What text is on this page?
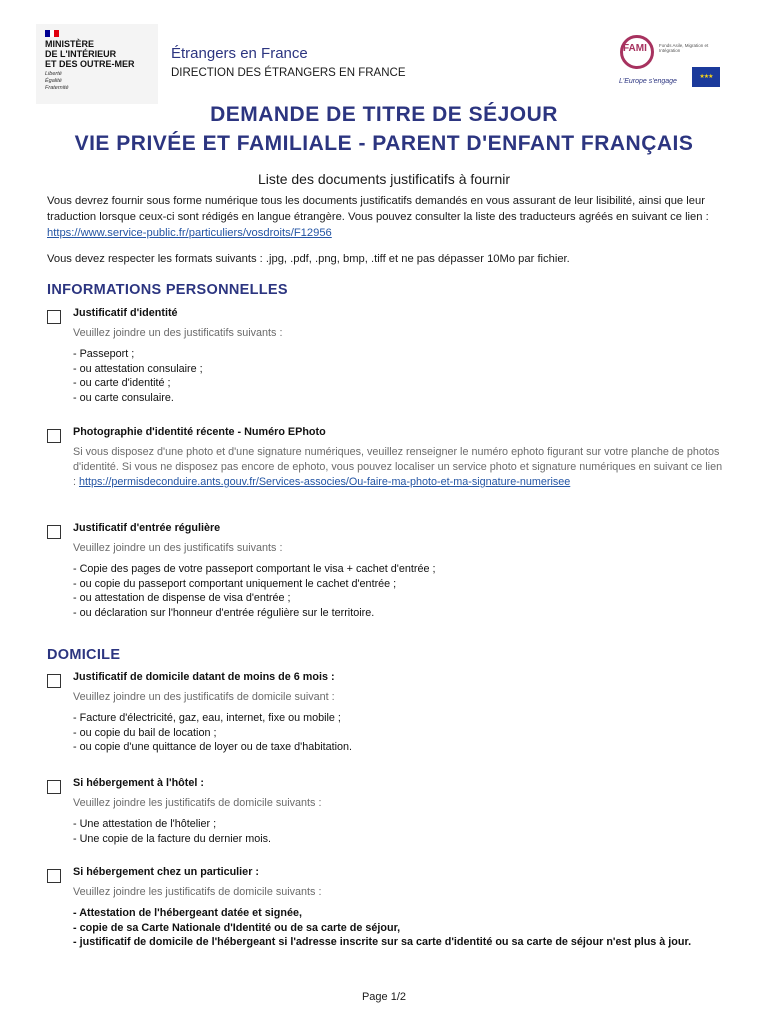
MINISTÈRE
DE L'INTÉRIEUR
ET DES OUTRE-MER
Liberté
Égalité
Fraternité
Étrangers en France
DIRECTION DES ÉTRANGERS EN FRANCE
FAMI	Fonds Asile, Migration et Intégration
L'Europe s'engage
★★★
DEMANDE DE TITRE DE SÉJOUR
VIE PRIVÉE ET FAMILIALE - PARENT D'ENFANT FRANÇAIS
Liste des documents justificatifs à fournir
Vous devrez fournir sous forme numérique tous les documents justificatifs demandés en vous assurant de leur lisibilité, ainsi que leur traduction lorsque ceux-ci sont rédigés en langue étrangère. Vous pouvez consulter la liste des traducteurs agréés en suivant ce lien : https://www.service-public.fr/particuliers/vosdroits/F12956
Vous devez respecter les formats suivants : .jpg, .pdf, .png, bmp, .tiff et ne pas dépasser 10Mo par fichier.
INFORMATIONS PERSONNELLES
Justificatif d'identité
Veuillez joindre un des justificatifs suivants :
- Passeport ;
- ou attestation consulaire ;
- ou carte d'identité ;
- ou carte consulaire.
Photographie d'identité récente - Numéro EPhoto
Si vous disposez d'une photo et d'une signature numériques, veuillez renseigner le numéro ephoto figurant sur votre planche de photos d'identité. Si vous ne disposez pas encore de ephoto, vous pouvez localiser un service photo et signature numériques en suivant ce lien : https://permisdeconduire.ants.gouv.fr/Services-associes/Ou-faire-ma-photo-et-ma-signature-numerisee
Justificatif d'entrée régulière
Veuillez joindre un des justificatifs suivants :
- Copie des pages de votre passeport comportant le visa + cachet d'entrée ;
- ou copie du passeport comportant uniquement le cachet d'entrée ;
- ou attestation de dispense de visa d'entrée ;
- ou déclaration sur l'honneur d'entrée régulière sur le territoire.
DOMICILE
Justificatif de domicile datant de moins de 6 mois :
Veuillez joindre un des justificatifs de domicile suivant :
- Facture d'électricité, gaz, eau, internet, fixe ou mobile ;
- ou copie du bail de location ;
- ou copie d'une quittance de loyer ou de taxe d'habitation.
Si hébergement à l'hôtel :
Veuillez joindre les justificatifs de domicile suivants :
- Une attestation de l'hôtelier ;
- Une copie de la facture du dernier mois.
Si hébergement chez un particulier :
Veuillez joindre les justificatifs de domicile suivants :
- Attestation de l'hébergeant datée et signée,
- copie de sa Carte Nationale d'Identité ou de sa carte de séjour,
- justificatif de domicile de l'hébergeant si l'adresse inscrite sur sa carte d'identité ou sa carte de séjour n'est plus à jour.
Page 1/2
